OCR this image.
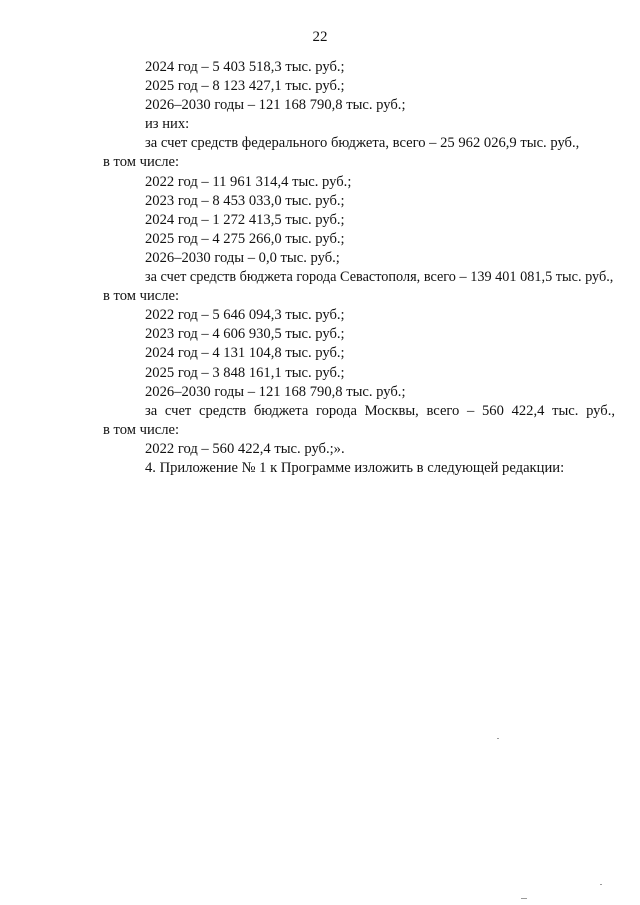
22
2024 год – 5 403 518,3 тыс. руб.;
2025 год – 8 123 427,1 тыс. руб.;
2026–2030 годы – 121 168 790,8 тыс. руб.;
из них:
за счет средств федерального бюджета, всего – 25 962 026,9 тыс. руб.,
в том числе:
2022 год – 11 961 314,4 тыс. руб.;
2023 год – 8 453 033,0 тыс. руб.;
2024 год – 1 272 413,5 тыс. руб.;
2025 год – 4 275 266,0 тыс. руб.;
2026–2030 годы – 0,0 тыс. руб.;
за счет средств бюджета города Севастополя, всего – 139 401 081,5 тыс. руб.,
в том числе:
2022 год – 5 646 094,3 тыс. руб.;
2023 год – 4 606 930,5 тыс. руб.;
2024 год – 4 131 104,8 тыс. руб.;
2025 год – 3 848 161,1 тыс. руб.;
2026–2030 годы – 121 168 790,8 тыс. руб.;
за счет средств бюджета города Москвы, всего – 560 422,4 тыс. руб.,
в том числе:
2022 год – 560 422,4 тыс. руб.;».
4. Приложение № 1 к Программе изложить в следующей редакции:
